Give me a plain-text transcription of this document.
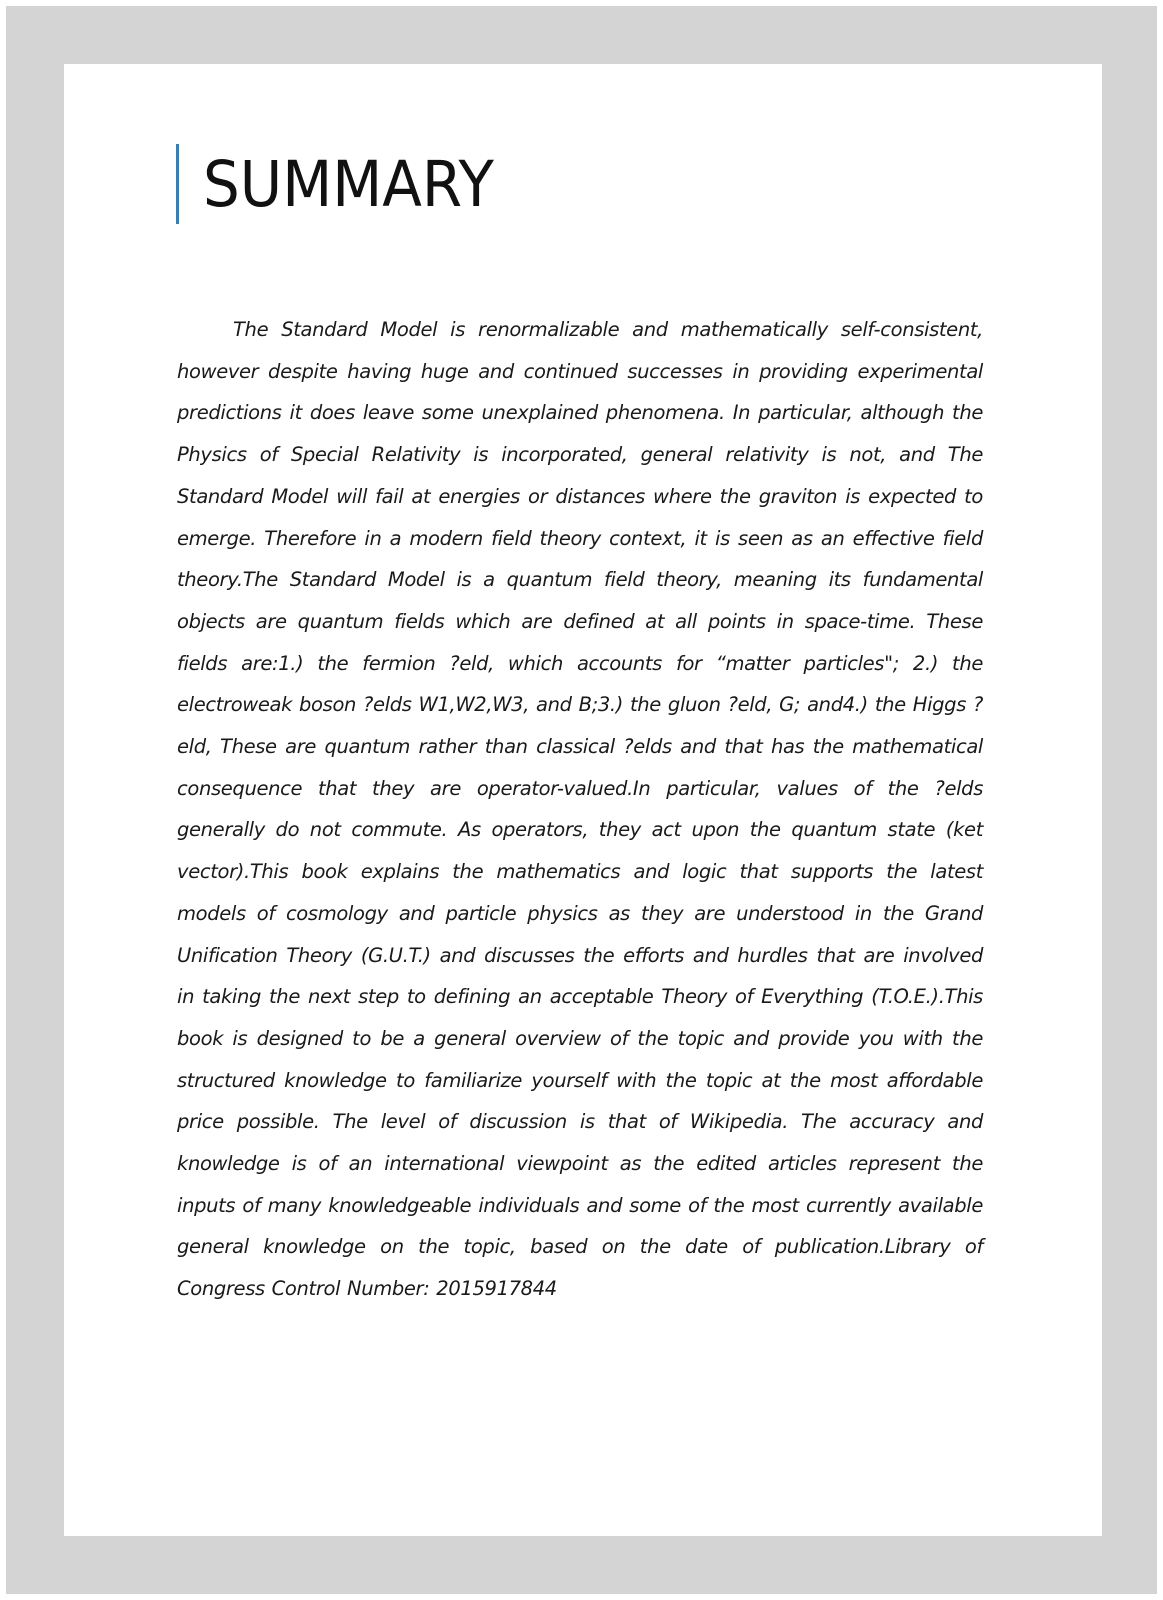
SUMMARY

The Standard Model is renormalizable and mathematically self-consistent, however despite having huge and continued successes in providing experimental predictions it does leave some unexplained phenomena. In particular, although the Physics of Special Relativity is incorporated, general relativity is not, and The Standard Model will fail at energies or distances where the graviton is expected to emerge. Therefore in a modern field theory context, it is seen as an effective field theory.The Standard Model is a quantum field theory, meaning its fundamental objects are quantum fields which are defined at all points in space-time. These fields are:1.) the fermion ?eld, which accounts for “matter particles"; 2.) the electroweak boson ?elds W1,W2,W3, and B;3.) the gluon ?eld, G; and4.) the Higgs ?eld, These are quantum rather than classical ?elds and that has the mathematical consequence that they are operator-valued.In particular, values of the ?elds generally do not commute. As operators, they act upon the quantum state (ket vector).This book explains the mathematics and logic that supports the latest models of cosmology and particle physics as they are understood in the Grand Unification Theory (G.U.T.) and discusses the efforts and hurdles that are involved in taking the next step to defining an acceptable Theory of Everything (T.O.E.).This book is designed to be a general overview of the topic and provide you with the structured knowledge to familiarize yourself with the topic at the most affordable price possible. The level of discussion is that of Wikipedia. The accuracy and knowledge is of an international viewpoint as the edited articles represent the inputs of many knowledgeable individuals and some of the most currently available general knowledge on the topic, based on the date of publication.Library of Congress Control Number: 2015917844
